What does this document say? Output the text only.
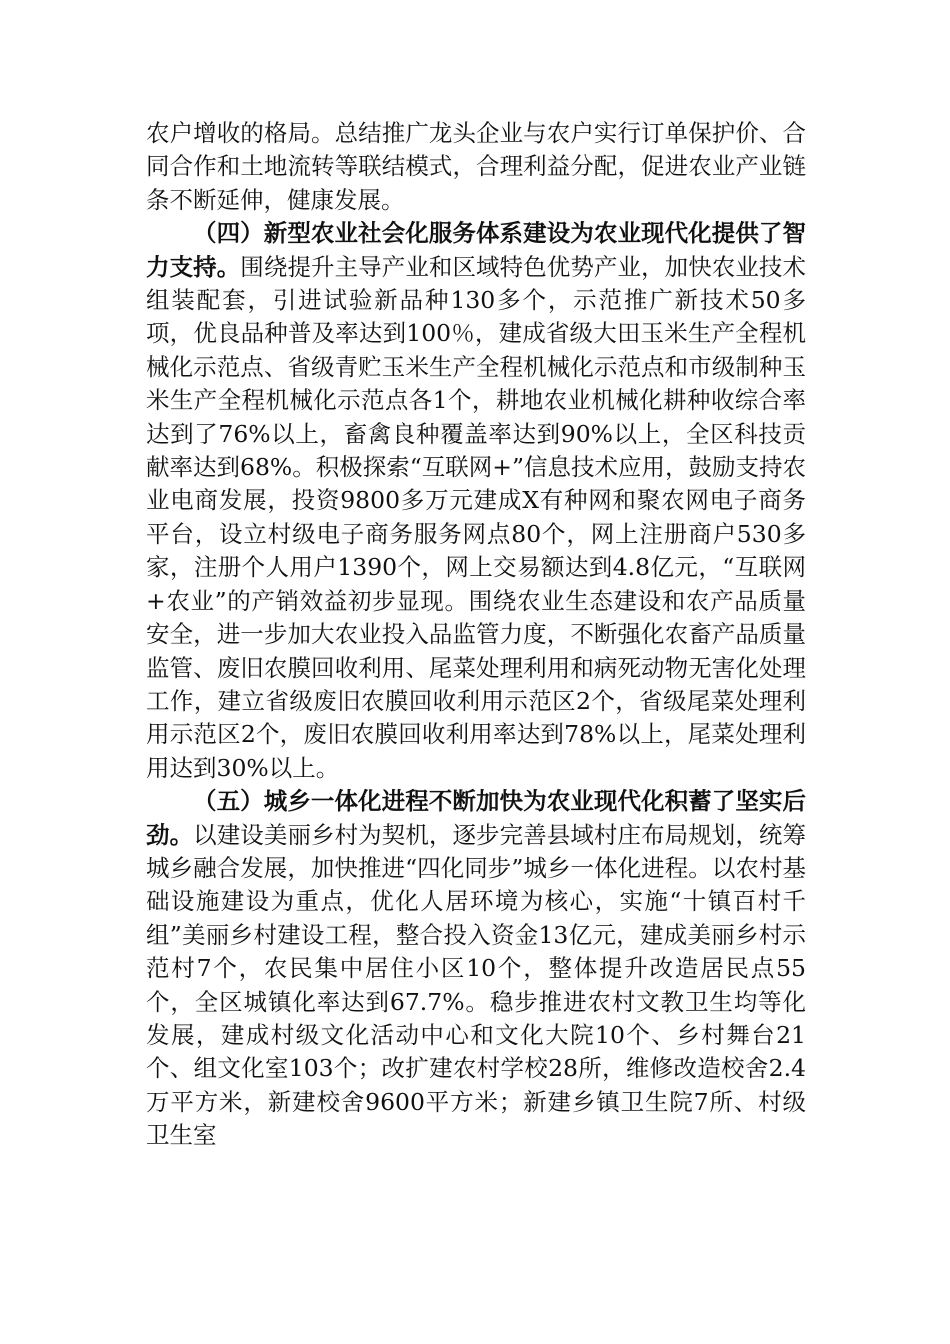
农户增收的格局。总结推广龙头企业与农户实行订单保护价、合同合作和土地流转等联结模式，合理利益分配，促进农业产业链条不断延伸，健康发展。

（四）新型农业社会化服务体系建设为农业现代化提供了智力支持。围绕提升主导产业和区域特色优势产业，加快农业技术组装配套，引进试验新品种130多个，示范推广新技术50多项，优良品种普及率达到100％，建成省级大田玉米生产全程机械化示范点、省级青贮玉米生产全程机械化示范点和市级制种玉米生产全程机械化示范点各1个，耕地农业机械化耕种收综合率达到了76%以上，畜禽良种覆盖率达到90%以上，全区科技贡献率达到68%。积极探索“互联网+”信息技术应用，鼓励支持农业电商发展，投资9800多万元建成X有种网和聚农网电子商务平台，设立村级电子商务服务网点80个，网上注册商户530多家，注册个人用户1390个，网上交易额达到4.8亿元，“互联网+农业”的产销效益初步显现。围绕农业生态建设和农产品质量安全，进一步加大农业投入品监管力度，不断强化农畜产品质量监管、废旧农膜回收利用、尾菜处理利用和病死动物无害化处理工作，建立省级废旧农膜回收利用示范区2个，省级尾菜处理利用示范区2个，废旧农膜回收利用率达到78%以上，尾菜处理利用达到30%以上。

（五）城乡一体化进程不断加快为农业现代化积蓄了坚实后劲。以建设美丽乡村为契机，逐步完善县域村庄布局规划，统筹城乡融合发展，加快推进“四化同步”城乡一体化进程。以农村基础设施建设为重点，优化人居环境为核心，实施“十镇百村千组”美丽乡村建设工程，整合投入资金13亿元，建成美丽乡村示范村7个，农民集中居住小区10个，整体提升改造居民点55个，全区城镇化率达到67.7%。稳步推进农村文教卫生均等化发展，建成村级文化活动中心和文化大院10个、乡村舞台21个、组文化室103个；改扩建农村学校28所，维修改造校舍2.4万平方米，新建校舍9600平方米；新建乡镇卫生院7所、村级卫生室
